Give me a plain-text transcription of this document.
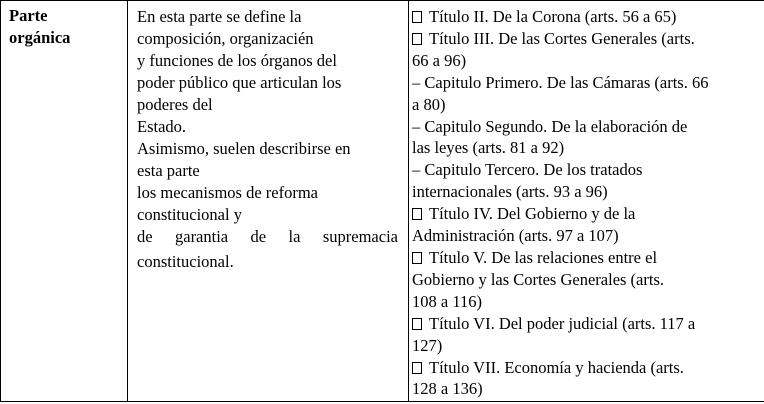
Parte
orgánica

En esta parte se define la
composición, organizacién
y funciones de los órganos del
poder público que articulan los
poderes del
Estado.
Asimismo, suelen describirse en
esta parte
los mecanismos de reforma
constitucional y
de garantia de la supremacia
constitucional.

Título II. De la Corona (arts. 56 a 65)
Título III. De las Cortes Generales (arts.
66 a 96)
– Capitulo Primero. De las Cámaras (arts. 66
a 80)
– Capitulo Segundo. De la elaboración de
las leyes (arts. 81 a 92)
– Capitulo Tercero. De los tratados
internacionales (arts. 93 a 96)
Título IV. Del Gobierno y de la
Administración (arts. 97 a 107)
Título V. De las relaciones entre el
Gobierno y las Cortes Generales (arts.
108 a 116)
Título VI. Del poder judicial (arts. 117 a
127)
Título VII. Economía y hacienda (arts.
128 a 136)
